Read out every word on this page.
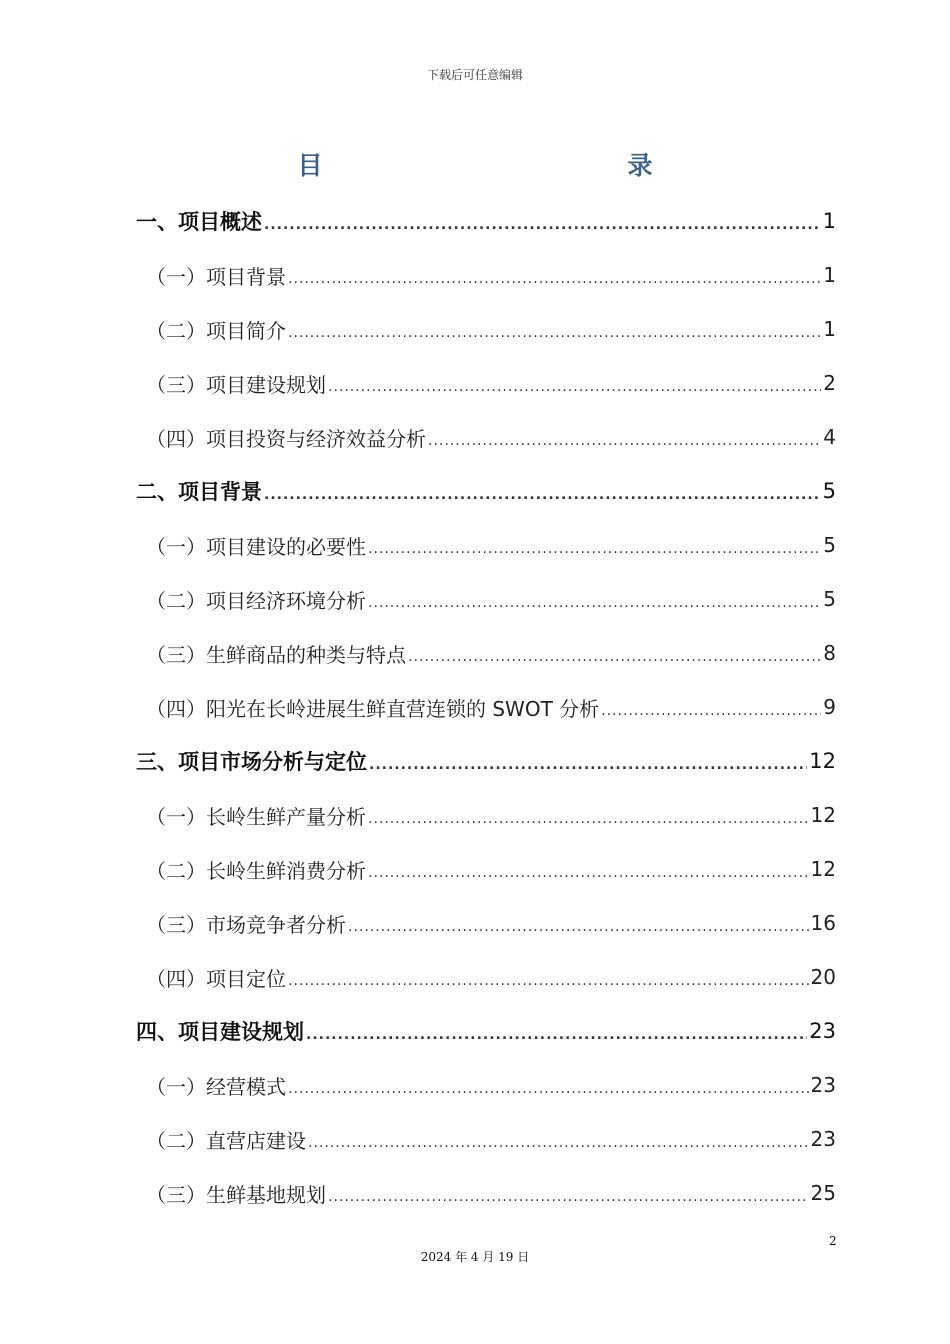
下载后可任意编辑
目　　录
一、项目概述 .....	1
（一）项目背景 .....	1
（二）项目简介 .....	1
（三）项目建设规划 .....	2
（四）项目投资与经济效益分析 .....	4
二、项目背景 .....	5
（一）项目建设的必要性 .....	5
（二）项目经济环境分析 .....	5
（三）生鲜商品的种类与特点 .....	8
（四）阳光在长岭进展生鲜直营连锁的 SWOT 分析 .....	9
三、项目市场分析与定位 .....	12
（一）长岭生鲜产量分析 .....	12
（二）长岭生鲜消费分析 .....	12
（三）市场竞争者分析 .....	16
（四）项目定位 .....	20
四、项目建设规划 .....	23
（一）经营模式 .....	23
（二）直营店建设 .....	23
（三）生鲜基地规划 .....	25
2
2024 年 4 月 19 日
